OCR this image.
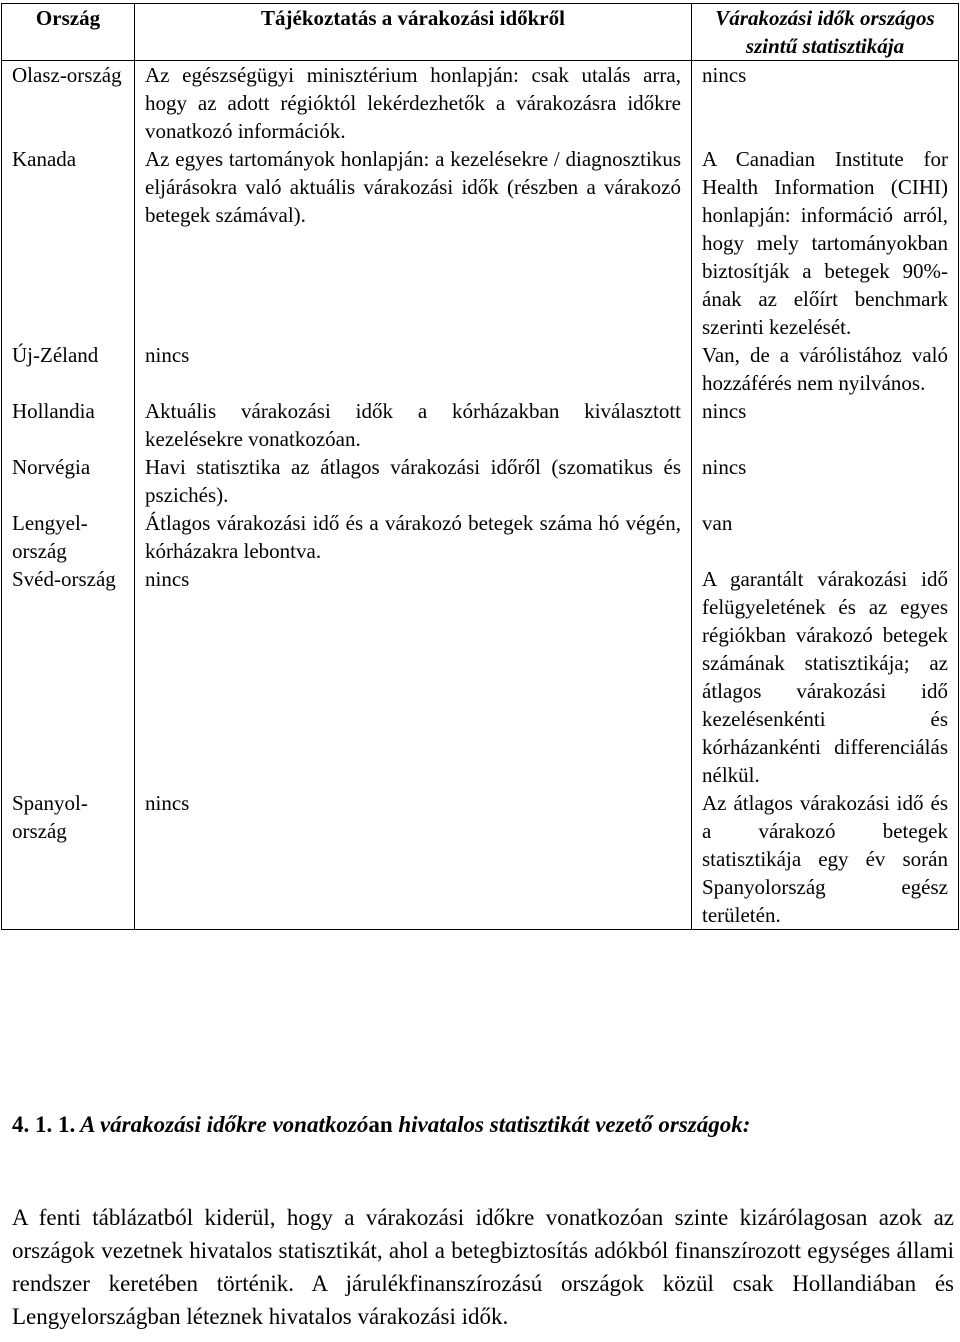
Ország	Tájékoztatás a várakozási időkről	Várakozási idők országos szintű statisztikája
Olasz-ország	Az egészségügyi minisztérium honlapján: csak utalás arra, hogy az adott régióktól lekérdezhetők a várakozásra időkre vonatkozó információk.	nincs
Kanada	Az egyes tartományok honlapján: a kezelésekre / diagnosztikus eljárásokra való aktuális várakozási idők (részben a várakozó betegek számával).	A Canadian Institute for Health Information (CIHI) honlapján: információ arról, hogy mely tartományokban biztosítják a betegek 90%-ának az előírt benchmark szerinti kezelését.
Új-Zéland	nincs	Van, de a várólistához való hozzáférés nem nyilvános.
Hollandia	Aktuális várakozási idők a kórházakban kiválasztott kezelésekre vonatkozóan.	nincs
Norvégia	Havi statisztika az átlagos várakozási időről (szomatikus és pszichés).	nincs
Lengyel-ország	Átlagos várakozási idő és a várakozó betegek száma hó végén, kórházakra lebontva.	van
Svéd-ország	nincs	A garantált várakozási idő felügyeletének és az egyes régiókban várakozó betegek számának statisztikája; az átlagos várakozási idő kezelésenkénti és kórházankénti differenciálás nélkül.
Spanyol-ország	nincs	Az átlagos várakozási idő és a várakozó betegek statisztikája egy év során Spanyolország egész területén.
4. 1. 1. A várakozási időkre vonatkozóan hivatalos statisztikát vezető országok:

A fenti táblázatból kiderül, hogy a várakozási időkre vonatkozóan szinte kizárólagosan azok az országok vezetnek hivatalos statisztikát, ahol a betegbiztosítás adókból finanszírozott egységes állami rendszer keretében történik. A járulékfinanszírozású országok közül csak Hollandiában és Lengyelországban léteznek hivatalos várakozási idők.
